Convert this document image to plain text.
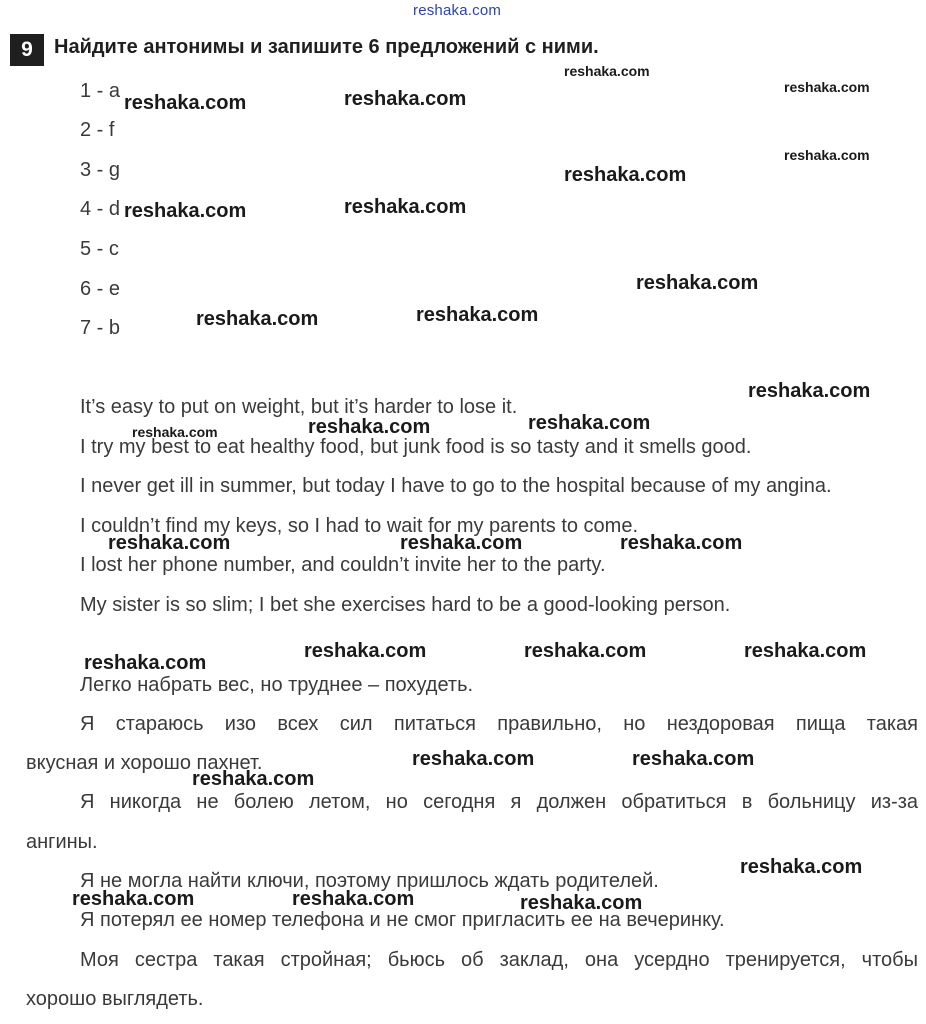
reshaka.com
9	Найдите антонимы и запишите 6 предложений с ними.
1 - a
2 - f
3 - g
4 - d
5 - c
6 - e
7 - b
It’s easy to put on weight, but it’s harder to lose it.
I try my best to eat healthy food, but junk food is so tasty and it smells good.
I never get ill in summer, but today I have to go to the hospital because of my angina.
I couldn’t find my keys, so I had to wait for my parents to come.
I lost her phone number, and couldn’t invite her to the party.
My sister is so slim; I bet she exercises hard to be a good-looking person.
Легко набрать вес, но труднее – похудеть.
Я стараюсь изо всех сил питаться правильно, но нездоровая пища такая
вкусная и хорошо пахнет.
Я никогда не болею летом, но сегодня я должен обратиться в больницу из-за
ангины.
Я не могла найти ключи, поэтому пришлось ждать родителей.
Я потерял ее номер телефона и не смог пригласить ее на вечеринку.
Моя сестра такая стройная; бьюсь об заклад, она усердно тренируется, чтобы
хорошо выглядеть.
reshaka.com
reshaka.com
reshaka.com
reshaka.com	reshaka.com
reshaka.com
reshaka.com	reshaka.com
reshaka.com
reshaka.com	reshaka.com
reshaka.com
reshaka.com
reshaka.com	reshaka.com
reshaka.com	reshaka.com	reshaka.com
reshaka.com	reshaka.com	reshaka.com
reshaka.com
reshaka.com	reshaka.com
reshaka.com
reshaka.com
reshaka.com	reshaka.com	reshaka.com
